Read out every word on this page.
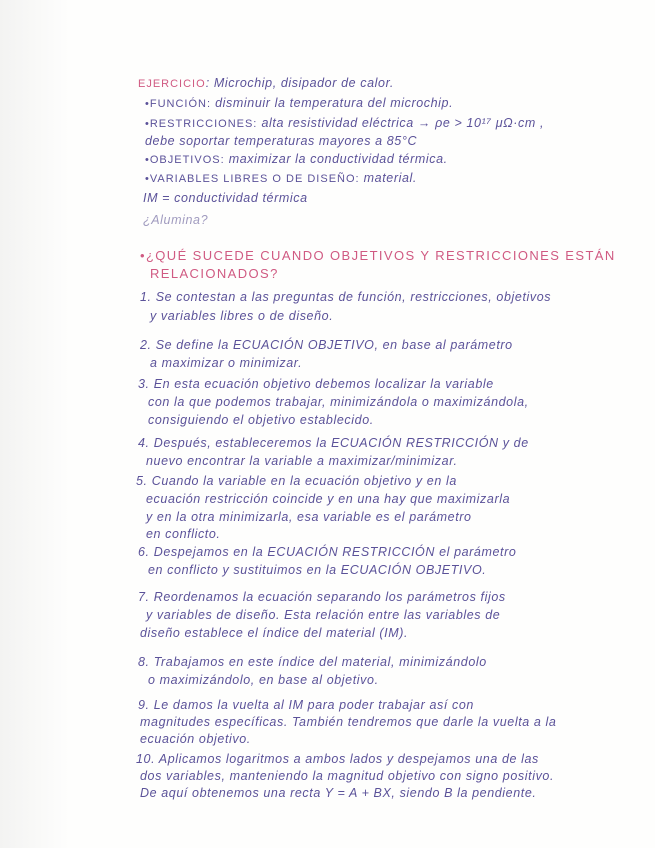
EJERCICIO: Microchip, disipador de calor.
•FUNCIÓN: disminuir la temperatura del microchip.
•RESTRICCIONES: alta resistividad eléctrica → ρe > 10¹⁷ μΩ·cm ,
debe soportar temperaturas mayores a 85°C
•OBJETIVOS: maximizar la conductividad térmica.
•VARIABLES LIBRES O DE DISEÑO: material.
IM = conductividad térmica
¿Alumina?
•¿QUÉ SUCEDE CUANDO OBJETIVOS Y RESTRICCIONES ESTÁN
RELACIONADOS?
1. Se contestan a las preguntas de función, restricciones, objetivos
y variables libres o de diseño.
2. Se define la ECUACIÓN OBJETIVO, en base al parámetro
a maximizar o minimizar.
3. En esta ecuación objetivo debemos localizar la variable
con la que podemos trabajar, minimizándola o maximizándola,
consiguiendo el objetivo establecido.
4. Después, estableceremos la ECUACIÓN RESTRICCIÓN y de
nuevo encontrar la variable a maximizar/minimizar.
5. Cuando la variable en la ecuación objetivo y en la
ecuación restricción coincide y en una hay que maximizarla
y en la otra minimizarla, esa variable es el parámetro
en conflicto.
6. Despejamos en la ECUACIÓN RESTRICCIÓN el parámetro
en conflicto y sustituimos en la ECUACIÓN OBJETIVO.
7. Reordenamos la ecuación separando los parámetros fijos
y variables de diseño. Esta relación entre las variables de
diseño establece el índice del material (IM).
8. Trabajamos en este índice del material, minimizándolo
o maximizándolo, en base al objetivo.
9. Le damos la vuelta al IM para poder trabajar así con
magnitudes específicas. También tendremos que darle la vuelta a la
ecuación objetivo.
10. Aplicamos logaritmos a ambos lados y despejamos una de las
dos variables, manteniendo la magnitud objetivo con signo positivo.
De aquí obtenemos una recta Y = A + BX, siendo B la pendiente.
